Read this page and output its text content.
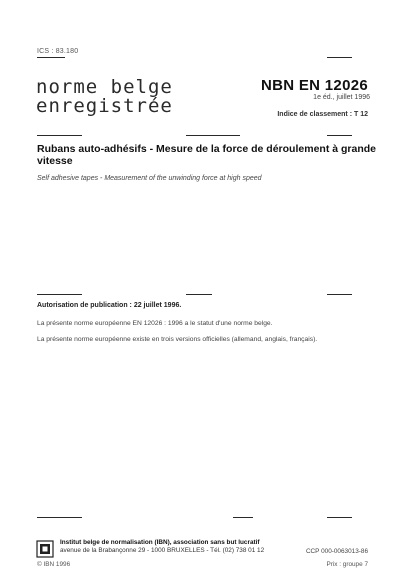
ICS : 83.180
norme belge
enregistrée
NBN EN 12026
1e éd., juillet 1996
Indice de classement : T 12
Rubans auto-adhésifs - Mesure de la force de déroulement à grande vitesse
Self adhesive tapes - Measurement of the unwinding force at high speed
Autorisation de publication : 22 juillet 1996.
La présente norme européenne EN 12026 : 1996 a le statut d'une norme belge.
La présente norme européenne existe en trois versions officielles (allemand, anglais, français).
Institut belge de normalisation (IBN), association sans but lucratif
avenue de la Brabançonne 29 - 1000 BRUXELLES - Tél. (02) 738 01 12	CCP 000-0063013-86
© IBN 1996	Prix : groupe 7
